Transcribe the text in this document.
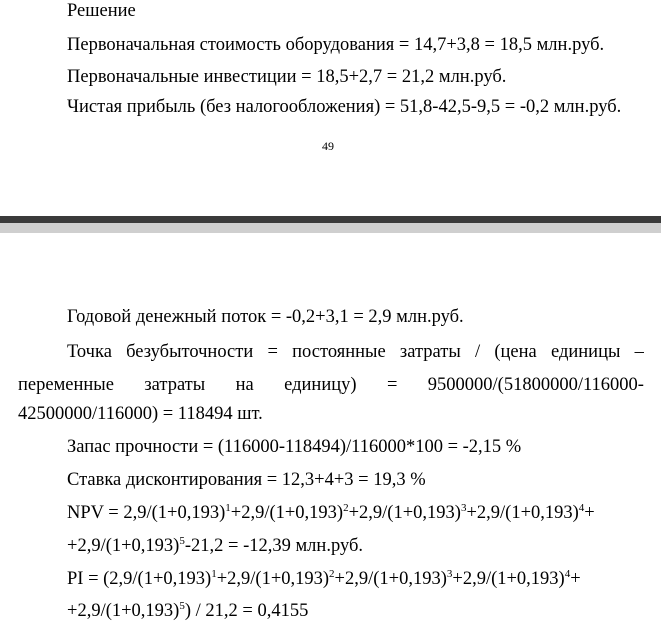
Решение
Первоначальная стоимость оборудования = 14,7+3,8 = 18,5 млн.руб.
Первоначальные инвестиции = 18,5+2,7 = 21,2 млн.руб.
Чистая прибыль (без налогообложения) = 51,8-42,5-9,5 = -0,2 млн.руб.
49
Годовой денежный поток = -0,2+3,1 = 2,9 млн.руб.
Точка безубыточности = постоянные затраты / (цена единицы –
переменные затраты на единицу) = 9500000/(51800000/116000-
42500000/116000) = 118494 шт.
Запас прочности = (116000-118494)/116000*100 = -2,15 %
Ставка дисконтирования = 12,3+4+3 = 19,3 %
NPV = $2,9/(1+0,193)^1+2,9/(1+0,193)^2+2,9/(1+0,193)^3+2,9/(1+0,193)^4+$
$+2,9/(1+0,193)^5-21,2 = -12,39$ млн.руб.
PI = ($2,9/(1+0,193)^1+2,9/(1+0,193)^2+2,9/(1+0,193)^3+2,9/(1+0,193)^4+$
$+2,9/(1+0,193)^5) / 21,2 = 0,4155$
